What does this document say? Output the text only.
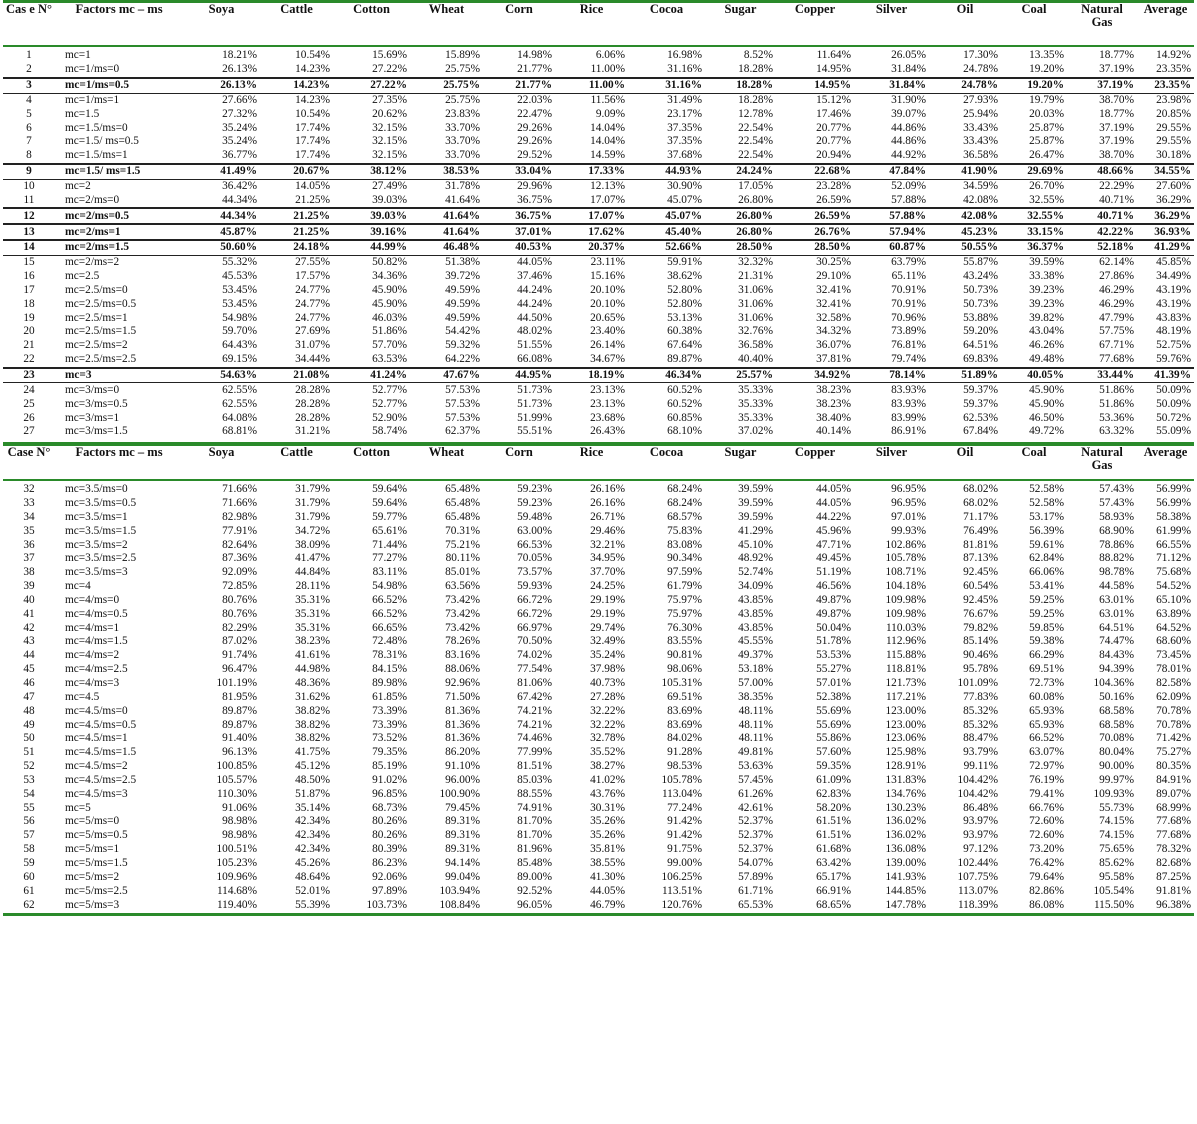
Cas e N°	Factors mc – ms	Soya	Cattle	Cotton	Wheat	Corn	Rice	Cocoa	Sugar	Copper	Silver	Oil	Coal	Natural Gas	Average
1	mc=1	18.21%	10.54%	15.69%	15.89%	14.98%	6.06%	16.98%	8.52%	11.64%	26.05%	17.30%	13.35%	18.77%	14.92%
2	mc=1/ms=0	26.13%	14.23%	27.22%	25.75%	21.77%	11.00%	31.16%	18.28%	14.95%	31.84%	24.78%	19.20%	37.19%	23.35%
3	mc=1/ms=0.5	26.13%	14.23%	27.22%	25.75%	21.77%	11.00%	31.16%	18.28%	14.95%	31.84%	24.78%	19.20%	37.19%	23.35%
4	mc=1/ms=1	27.66%	14.23%	27.35%	25.75%	22.03%	11.56%	31.49%	18.28%	15.12%	31.90%	27.93%	19.79%	38.70%	23.98%
5	mc=1.5	27.32%	10.54%	20.62%	23.83%	22.47%	9.09%	23.17%	12.78%	17.46%	39.07%	25.94%	20.03%	18.77%	20.85%
6	mc=1.5/ms=0	35.24%	17.74%	32.15%	33.70%	29.26%	14.04%	37.35%	22.54%	20.77%	44.86%	33.43%	25.87%	37.19%	29.55%
7	mc=1.5/ ms=0.5	35.24%	17.74%	32.15%	33.70%	29.26%	14.04%	37.35%	22.54%	20.77%	44.86%	33.43%	25.87%	37.19%	29.55%
8	mc=1.5/ms=1	36.77%	17.74%	32.15%	33.70%	29.52%	14.59%	37.68%	22.54%	20.94%	44.92%	36.58%	26.47%	38.70%	30.18%
9	mc=1.5/ ms=1.5	41.49%	20.67%	38.12%	38.53%	33.04%	17.33%	44.93%	24.24%	22.68%	47.84%	41.90%	29.69%	48.66%	34.55%
10	mc=2	36.42%	14.05%	27.49%	31.78%	29.96%	12.13%	30.90%	17.05%	23.28%	52.09%	34.59%	26.70%	22.29%	27.60%
11	mc=2/ms=0	44.34%	21.25%	39.03%	41.64%	36.75%	17.07%	45.07%	26.80%	26.59%	57.88%	42.08%	32.55%	40.71%	36.29%
12	mc=2/ms=0.5	44.34%	21.25%	39.03%	41.64%	36.75%	17.07%	45.07%	26.80%	26.59%	57.88%	42.08%	32.55%	40.71%	36.29%
13	mc=2/ms=1	45.87%	21.25%	39.16%	41.64%	37.01%	17.62%	45.40%	26.80%	26.76%	57.94%	45.23%	33.15%	42.22%	36.93%
14	mc=2/ms=1.5	50.60%	24.18%	44.99%	46.48%	40.53%	20.37%	52.66%	28.50%	28.50%	60.87%	50.55%	36.37%	52.18%	41.29%
15	mc=2/ms=2	55.32%	27.55%	50.82%	51.38%	44.05%	23.11%	59.91%	32.32%	30.25%	63.79%	55.87%	39.59%	62.14%	45.85%
16	mc=2.5	45.53%	17.57%	34.36%	39.72%	37.46%	15.16%	38.62%	21.31%	29.10%	65.11%	43.24%	33.38%	27.86%	34.49%
17	mc=2.5/ms=0	53.45%	24.77%	45.90%	49.59%	44.24%	20.10%	52.80%	31.06%	32.41%	70.91%	50.73%	39.23%	46.29%	43.19%
18	mc=2.5/ms=0.5	53.45%	24.77%	45.90%	49.59%	44.24%	20.10%	52.80%	31.06%	32.41%	70.91%	50.73%	39.23%	46.29%	43.19%
19	mc=2.5/ms=1	54.98%	24.77%	46.03%	49.59%	44.50%	20.65%	53.13%	31.06%	32.58%	70.96%	53.88%	39.82%	47.79%	43.83%
20	mc=2.5/ms=1.5	59.70%	27.69%	51.86%	54.42%	48.02%	23.40%	60.38%	32.76%	34.32%	73.89%	59.20%	43.04%	57.75%	48.19%
21	mc=2.5/ms=2	64.43%	31.07%	57.70%	59.32%	51.55%	26.14%	67.64%	36.58%	36.07%	76.81%	64.51%	46.26%	67.71%	52.75%
22	mc=2.5/ms=2.5	69.15%	34.44%	63.53%	64.22%	66.08%	34.67%	89.87%	40.40%	37.81%	79.74%	69.83%	49.48%	77.68%	59.76%
23	mc=3	54.63%	21.08%	41.24%	47.67%	44.95%	18.19%	46.34%	25.57%	34.92%	78.14%	51.89%	40.05%	33.44%	41.39%
24	mc=3/ms=0	62.55%	28.28%	52.77%	57.53%	51.73%	23.13%	60.52%	35.33%	38.23%	83.93%	59.37%	45.90%	51.86%	50.09%
25	mc=3/ms=0.5	62.55%	28.28%	52.77%	57.53%	51.73%	23.13%	60.52%	35.33%	38.23%	83.93%	59.37%	45.90%	51.86%	50.09%
26	mc=3/ms=1	64.08%	28.28%	52.90%	57.53%	51.99%	23.68%	60.85%	35.33%	38.40%	83.99%	62.53%	46.50%	53.36%	50.72%
27	mc=3/ms=1.5	68.81%	31.21%	58.74%	62.37%	55.51%	26.43%	68.10%	37.02%	40.14%	86.91%	67.84%	49.72%	63.32%	55.09%
Case N°	Factors mc – ms	Soya	Cattle	Cotton	Wheat	Corn	Rice	Cocoa	Sugar	Copper	Silver	Oil	Coal	Natural Gas	Average
32	mc=3.5/ms=0	71.66%	31.79%	59.64%	65.48%	59.23%	26.16%	68.24%	39.59%	44.05%	96.95%	68.02%	52.58%	57.43%	56.99%
33	mc=3.5/ms=0.5	71.66%	31.79%	59.64%	65.48%	59.23%	26.16%	68.24%	39.59%	44.05%	96.95%	68.02%	52.58%	57.43%	56.99%
34	mc=3.5/ms=1	82.98%	31.79%	59.77%	65.48%	59.48%	26.71%	68.57%	39.59%	44.22%	97.01%	71.17%	53.17%	58.93%	58.38%
35	mc=3.5/ms=1.5	77.91%	34.72%	65.61%	70.31%	63.00%	29.46%	75.83%	41.29%	45.96%	99.93%	76.49%	56.39%	68.90%	61.99%
36	mc=3.5/ms=2	82.64%	38.09%	71.44%	75.21%	66.53%	32.21%	83.08%	45.10%	47.71%	102.86%	81.81%	59.61%	78.86%	66.55%
37	mc=3.5/ms=2.5	87.36%	41.47%	77.27%	80.11%	70.05%	34.95%	90.34%	48.92%	49.45%	105.78%	87.13%	62.84%	88.82%	71.12%
38	mc=3.5/ms=3	92.09%	44.84%	83.11%	85.01%	73.57%	37.70%	97.59%	52.74%	51.19%	108.71%	92.45%	66.06%	98.78%	75.68%
39	mc=4	72.85%	28.11%	54.98%	63.56%	59.93%	24.25%	61.79%	34.09%	46.56%	104.18%	60.54%	53.41%	44.58%	54.52%
40	mc=4/ms=0	80.76%	35.31%	66.52%	73.42%	66.72%	29.19%	75.97%	43.85%	49.87%	109.98%	92.45%	59.25%	63.01%	65.10%
41	mc=4/ms=0.5	80.76%	35.31%	66.52%	73.42%	66.72%	29.19%	75.97%	43.85%	49.87%	109.98%	76.67%	59.25%	63.01%	63.89%
42	mc=4/ms=1	82.29%	35.31%	66.65%	73.42%	66.97%	29.74%	76.30%	43.85%	50.04%	110.03%	79.82%	59.85%	64.51%	64.52%
43	mc=4/ms=1.5	87.02%	38.23%	72.48%	78.26%	70.50%	32.49%	83.55%	45.55%	51.78%	112.96%	85.14%	59.38%	74.47%	68.60%
44	mc=4/ms=2	91.74%	41.61%	78.31%	83.16%	74.02%	35.24%	90.81%	49.37%	53.53%	115.88%	90.46%	66.29%	84.43%	73.45%
45	mc=4/ms=2.5	96.47%	44.98%	84.15%	88.06%	77.54%	37.98%	98.06%	53.18%	55.27%	118.81%	95.78%	69.51%	94.39%	78.01%
46	mc=4/ms=3	101.19%	48.36%	89.98%	92.96%	81.06%	40.73%	105.31%	57.00%	57.01%	121.73%	101.09%	72.73%	104.36%	82.58%
47	mc=4.5	81.95%	31.62%	61.85%	71.50%	67.42%	27.28%	69.51%	38.35%	52.38%	117.21%	77.83%	60.08%	50.16%	62.09%
48	mc=4.5/ms=0	89.87%	38.82%	73.39%	81.36%	74.21%	32.22%	83.69%	48.11%	55.69%	123.00%	85.32%	65.93%	68.58%	70.78%
49	mc=4.5/ms=0.5	89.87%	38.82%	73.39%	81.36%	74.21%	32.22%	83.69%	48.11%	55.69%	123.00%	85.32%	65.93%	68.58%	70.78%
50	mc=4.5/ms=1	91.40%	38.82%	73.52%	81.36%	74.46%	32.78%	84.02%	48.11%	55.86%	123.06%	88.47%	66.52%	70.08%	71.42%
51	mc=4.5/ms=1.5	96.13%	41.75%	79.35%	86.20%	77.99%	35.52%	91.28%	49.81%	57.60%	125.98%	93.79%	63.07%	80.04%	75.27%
52	mc=4.5/ms=2	100.85%	45.12%	85.19%	91.10%	81.51%	38.27%	98.53%	53.63%	59.35%	128.91%	99.11%	72.97%	90.00%	80.35%
53	mc=4.5/ms=2.5	105.57%	48.50%	91.02%	96.00%	85.03%	41.02%	105.78%	57.45%	61.09%	131.83%	104.42%	76.19%	99.97%	84.91%
54	mc=4.5/ms=3	110.30%	51.87%	96.85%	100.90%	88.55%	43.76%	113.04%	61.26%	62.83%	134.76%	104.42%	79.41%	109.93%	89.07%
55	mc=5	91.06%	35.14%	68.73%	79.45%	74.91%	30.31%	77.24%	42.61%	58.20%	130.23%	86.48%	66.76%	55.73%	68.99%
56	mc=5/ms=0	98.98%	42.34%	80.26%	89.31%	81.70%	35.26%	91.42%	52.37%	61.51%	136.02%	93.97%	72.60%	74.15%	77.68%
57	mc=5/ms=0.5	98.98%	42.34%	80.26%	89.31%	81.70%	35.26%	91.42%	52.37%	61.51%	136.02%	93.97%	72.60%	74.15%	77.68%
58	mc=5/ms=1	100.51%	42.34%	80.39%	89.31%	81.96%	35.81%	91.75%	52.37%	61.68%	136.08%	97.12%	73.20%	75.65%	78.32%
59	mc=5/ms=1.5	105.23%	45.26%	86.23%	94.14%	85.48%	38.55%	99.00%	54.07%	63.42%	139.00%	102.44%	76.42%	85.62%	82.68%
60	mc=5/ms=2	109.96%	48.64%	92.06%	99.04%	89.00%	41.30%	106.25%	57.89%	65.17%	141.93%	107.75%	79.64%	95.58%	87.25%
61	mc=5/ms=2.5	114.68%	52.01%	97.89%	103.94%	92.52%	44.05%	113.51%	61.71%	66.91%	144.85%	113.07%	82.86%	105.54%	91.81%
62	mc=5/ms=3	119.40%	55.39%	103.73%	108.84%	96.05%	46.79%	120.76%	65.53%	68.65%	147.78%	118.39%	86.08%	115.50%	96.38%
